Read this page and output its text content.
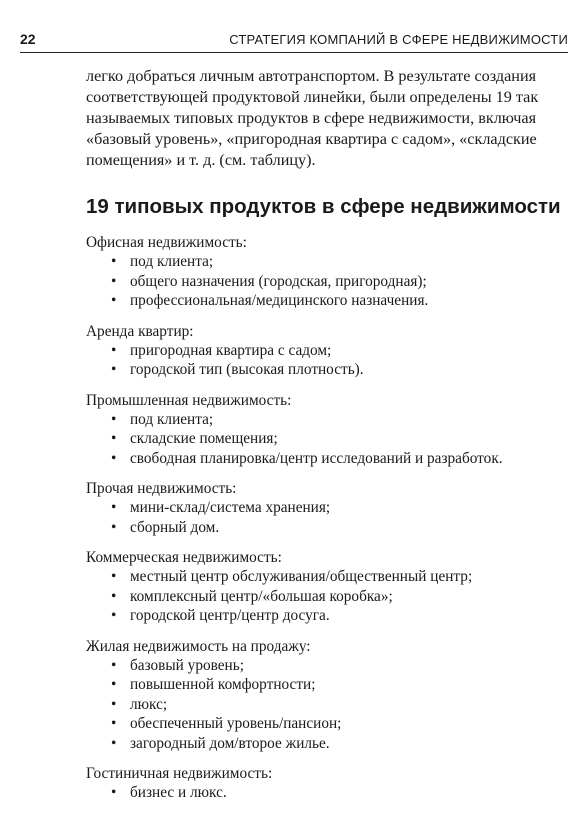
22	СТРАТЕГИЯ КОМПАНИЙ В СФЕРЕ НЕДВИЖИМОСТИ

легко добраться личным автотранспортом. В результате создания
соответствующей продуктовой линейки, были определены 19 так
называемых типовых продуктов в сфере недвижимости, включая
«базовый уровень», «пригородная квартира с садом», «складские
помещения» и т. д. (см. таблицу).

19 типовых продуктов в сфере недвижимости
Офисная недвижимость:
• под клиента;
• общего назначения (городская, пригородная);
• профессиональная/медицинского назначения.
Аренда квартир:
• пригородная квартира с садом;
• городской тип (высокая плотность).
Промышленная недвижимость:
• под клиента;
• складские помещения;
• свободная планировка/центр исследований и разработок.
Прочая недвижимость:
• мини-склад/система хранения;
• сборный дом.
Коммерческая недвижимость:
• местный центр обслуживания/общественный центр;
• комплексный центр/«большая коробка»;
• городской центр/центр досуга.
Жилая недвижимость на продажу:
• базовый уровень;
• повышенной комфортности;
• люкс;
• обеспеченный уровень/пансион;
• загородный дом/второе жилье.
Гостиничная недвижимость:
• бизнес и люкс.
